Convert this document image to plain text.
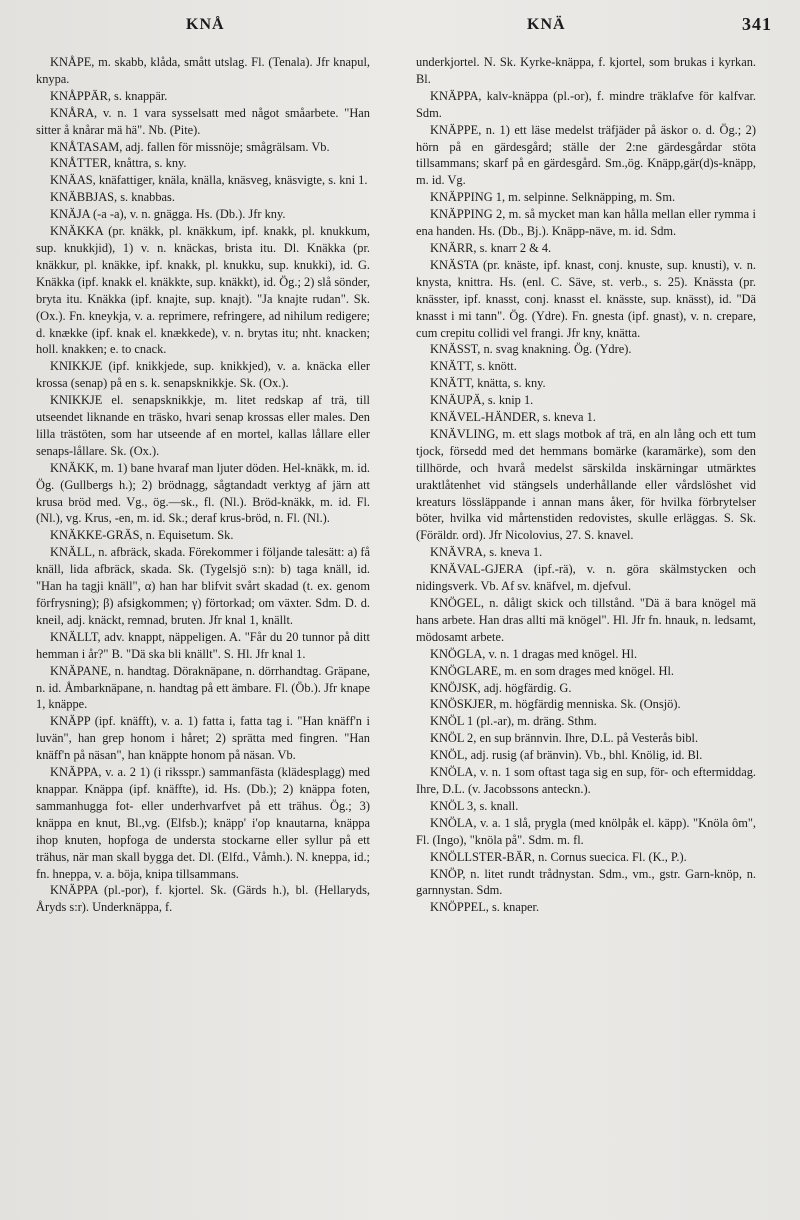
KNÅ	KNÄ	341

KNÅPE, m. skabb, klåda, smått utslag. Fl. (Tenala). Jfr knapul, knypa.

KNÅPPÄR, s. knappär.

KNÅRA, v. n. 1 vara sysselsatt med något småarbete. "Han sitter å knårar mä hä". Nb. (Pite).

KNÅTASAM, adj. fallen för missnöje; smågrälsam. Vb.

KNÅTTER, knåttra, s. kny.

KNÄAS, knäfattiger, knäla, knälla, knäsveg, knäsvigte, s. kni 1.

KNÄBBJAS, s. knabbas.

KNÄJA (-a -a), v. n. gnägga. Hs. (Db.). Jfr kny.

KNÄKKA (pr. knäkk, pl. knäkkum, ipf. knakk, pl. knukkum, sup. knukkjid), 1) v. n. knäckas, brista itu. Dl. Knäkka (pr. knäkkur, pl. knäkke, ipf. knakk, pl. knukku, sup. knukki), id. G. Knäkka (ipf. knakk el. knäkkte, sup. knäkkt), id. Ög.; 2) slå sönder, bryta itu. Knäkka (ipf. knajte, sup. knajt). "Ja knajte rudan". Sk. (Ox.). Fn. kneykja, v. a. reprimere, refringere, ad nihilum redigere; d. knække (ipf. knak el. knækkede), v. n. brytas itu; nht. knacken; holl. knakken; e. to cnack.

KNIKKJE (ipf. knikkjede, sup. knikkjed), v. a. knäcka eller krossa (senap) på en s. k. senapsknikkje. Sk. (Ox.).

KNIKKJE el. senapsknikkje, m. litet redskap af trä, till utseendet liknande en träsko, hvari senap krossas eller males. Den lilla trästöten, som har utseende af en mortel, kallas lållare eller senaps-lållare. Sk. (Ox.).

KNÄKK, m. 1) bane hvaraf man ljuter döden. Hel-knäkk, m. id. Ög. (Gullbergs h.); 2) brödnagg, sågtandadt verktyg af järn att krusa bröd med. Vg., ög.—sk., fl. (Nl.). Bröd-knäkk, m. id. Fl. (Nl.), vg. Krus, -en, m. id. Sk.; deraf krus-bröd, n. Fl. (Nl.).

KNÄKKE-GRÄS, n. Equisetum. Sk.

KNÄLL, n. afbräck, skada. Förekommer i följande talesätt: a) få knäll, lida afbräck, skada. Sk. (Tygelsjö s:n): b) taga knäll, id. "Han ha tagji knäll", α) han har blifvit svårt skadad (t. ex. genom förfrysning); β) afsigkommen; γ) förtorkad; om växter. Sdm. D. d. kneil, adj. knäckt, remnad, bruten. Jfr knal 1, knällt.

KNÄLLT, adv. knappt, näppeligen. A. "Får du 20 tunnor på ditt hemman i år?" B. "Dä ska bli knällt". S. Hl. Jfr knal 1.

KNÄPANE, n. handtag. Döraknäpane, n. dörrhandtag. Gräpane, n. id. Åmbarknäpane, n. handtag på ett ämbare. Fl. (Öb.). Jfr knape 1, knäppe.

KNÄPP (ipf. knäfft), v. a. 1) fatta i, fatta tag i. "Han knäff'n i luvän", han grep honom i håret; 2) sprätta med fingren. "Han knäff'n på näsan", han knäppte honom på näsan. Vb.

KNÄPPA, v. a. 2 1) (i riksspr.) sammanfästa (klädesplagg) med knappar. Knäppa (ipf. knäffte), id. Hs. (Db.); 2) knäppa foten, sammanhugga fot- eller underhvarfvet på ett trähus. Ög.; 3) knäppa en knut, Bl.,vg. (Elfsb.); knäpp' i'op knautarna, knäppa ihop knuten, hopfoga de understa stockarne eller syllur på ett trähus, när man skall bygga det. Dl. (Elfd., Våmh.). N. kneppa, id.; fn. hneppa, v. a. böja, knipa tillsammans.

KNÄPPA (pl.-por), f. kjortel. Sk. (Gärds h.), bl. (Hellaryds, Åryds s:r). Underknäppa, f.

underkjortel. N. Sk. Kyrke-knäppa, f. kjortel, som brukas i kyrkan. Bl.

KNÄPPA, kalv-knäppa (pl.-or), f. mindre träklafve för kalfvar. Sdm.

KNÄPPE, n. 1) ett läse medelst träfjäder på äskor o. d. Ög.; 2) hörn på en gärdesgård; ställe der 2:ne gärdesgårdar stöta tillsammans; skarf på en gärdesgård. Sm.,ög. Knäpp,gär(d)s-knäpp, m. id. Vg.

KNÄPPING 1, m. selpinne. Selknäpping, m. Sm.

KNÄPPING 2, m. så mycket man kan hålla mellan eller rymma i ena handen. Hs. (Db., Bj.). Knäpp-näve, m. id. Sdm.

KNÄRR, s. knarr 2 & 4.

KNÄSTA (pr. knäste, ipf. knast, conj. knuste, sup. knusti), v. n. knysta, knittra. Hs. (enl. C. Säve, st. verb., s. 25). Knässta (pr. knässter, ipf. knasst, conj. knasst el. knässte, sup. knässt), id. "Dä knasst i mi tann". Ög. (Ydre). Fn. gnesta (ipf. gnast), v. n. crepare, cum crepitu collidi vel frangi. Jfr kny, knätta.

KNÄSST, n. svag knakning. Ög. (Ydre).

KNÄTT, s. knött.

KNÄTT, knätta, s. kny.

KNÄUPÄ, s. knip 1.

KNÄVEL-HÄNDER, s. kneva 1.

KNÄVLING, m. ett slags motbok af trä, en aln lång och ett tum tjock, försedd med det hemmans bomärke (karamärke), som den tillhörde, och hvarå medelst särskilda inskärningar utmärktes uraktlåtenhet vid stängsels underhållande eller vårdslöshet vid kreaturs lössläppande i annan mans åker, för hvilka förbrytelser böter, hvilka vid mårtenstiden redovistes, skulle erläggas. S. Sk. (Föräldr. ord). Jfr Nicolovius, 27. S. knavel.

KNÄVRA, s. kneva 1.

KNÄVAL-GJERA (ipf.-rä), v. n. göra skälmstycken och nidingsverk. Vb. Af sv. knäfvel, m. djefvul.

KNÖGEL, n. dåligt skick och tillstånd. "Dä ä bara knögel mä hans arbete. Han dras allti mä knögel". Hl. Jfr fn. hnauk, n. ledsamt, mödosamt arbete.

KNÖGLA, v. n. 1 dragas med knögel. Hl.

KNÖGLARE, m. en som drages med knögel. Hl.

KNÖJSK, adj. högfärdig. G.

KNÖSKJER, m. högfärdig menniska. Sk. (Onsjö).

KNÖL 1 (pl.-ar), m. dräng. Sthm.

KNÖL 2, en sup brännvin. Ihre, D.L. på Vesterås bibl.

KNÖL, adj. rusig (af bränvin). Vb., bhl. Knölig, id. Bl.

KNÖLA, v. n. 1 som oftast taga sig en sup, för- och eftermiddag. Ihre, D.L. (v. Jacobssons anteckn.).

KNÖL 3, s. knall.

KNÖLA, v. a. 1 slå, prygla (med knölpåk el. käpp). "Knöla ôm", Fl. (Ingo), "knöla på". Sdm. m. fl.

KNÖLLSTER-BÄR, n. Cornus suecica. Fl. (K., P.).

KNÖP, n. litet rundt trådnystan. Sdm., vm., gstr. Garn-knöp, n. garnnystan. Sdm.

KNÖPPEL, s. knaper.
